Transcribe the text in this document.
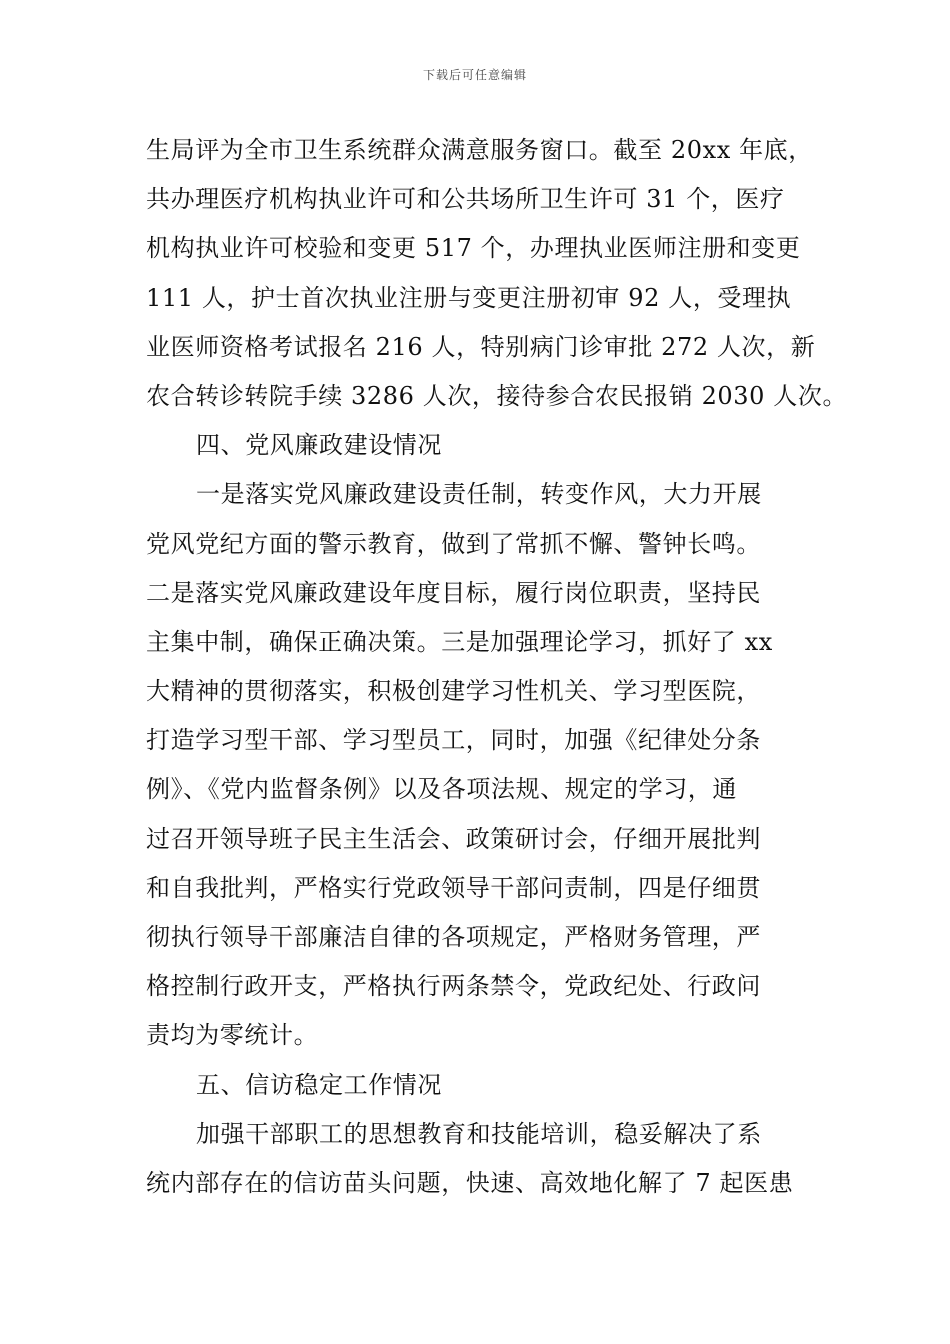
下载后可任意编辑
生局评为全市卫生系统群众满意服务窗口。截至 20xx 年底，
共办理医疗机构执业许可和公共场所卫生许可 31 个，医疗
机构执业许可校验和变更 517 个，办理执业医师注册和变更
111 人，护士首次执业注册与变更注册初审 92 人，受理执
业医师资格考试报名 216 人，特别病门诊审批 272 人次，新
农合转诊转院手续 3286 人次，接待参合农民报销 2030 人次。
四、党风廉政建设情况
一是落实党风廉政建设责任制，转变作风，大力开展
党风党纪方面的警示教育，做到了常抓不懈、警钟长鸣。
二是落实党风廉政建设年度目标，履行岗位职责，坚持民
主集中制，确保正确决策。三是加强理论学习，抓好了 xx
大精神的贯彻落实，积极创建学习性机关、学习型医院，
打造学习型干部、学习型员工，同时，加强《纪律处分条
例》、《党内监督条例》以及各项法规、规定的学习，通
过召开领导班子民主生活会、政策研讨会，仔细开展批判
和自我批判，严格实行党政领导干部问责制，四是仔细贯
彻执行领导干部廉洁自律的各项规定，严格财务管理，严
格控制行政开支，严格执行两条禁令，党政纪处、行政问
责均为零统计。
五、信访稳定工作情况
加强干部职工的思想教育和技能培训，稳妥解决了系
统内部存在的信访苗头问题，快速、高效地化解了 7 起医患
